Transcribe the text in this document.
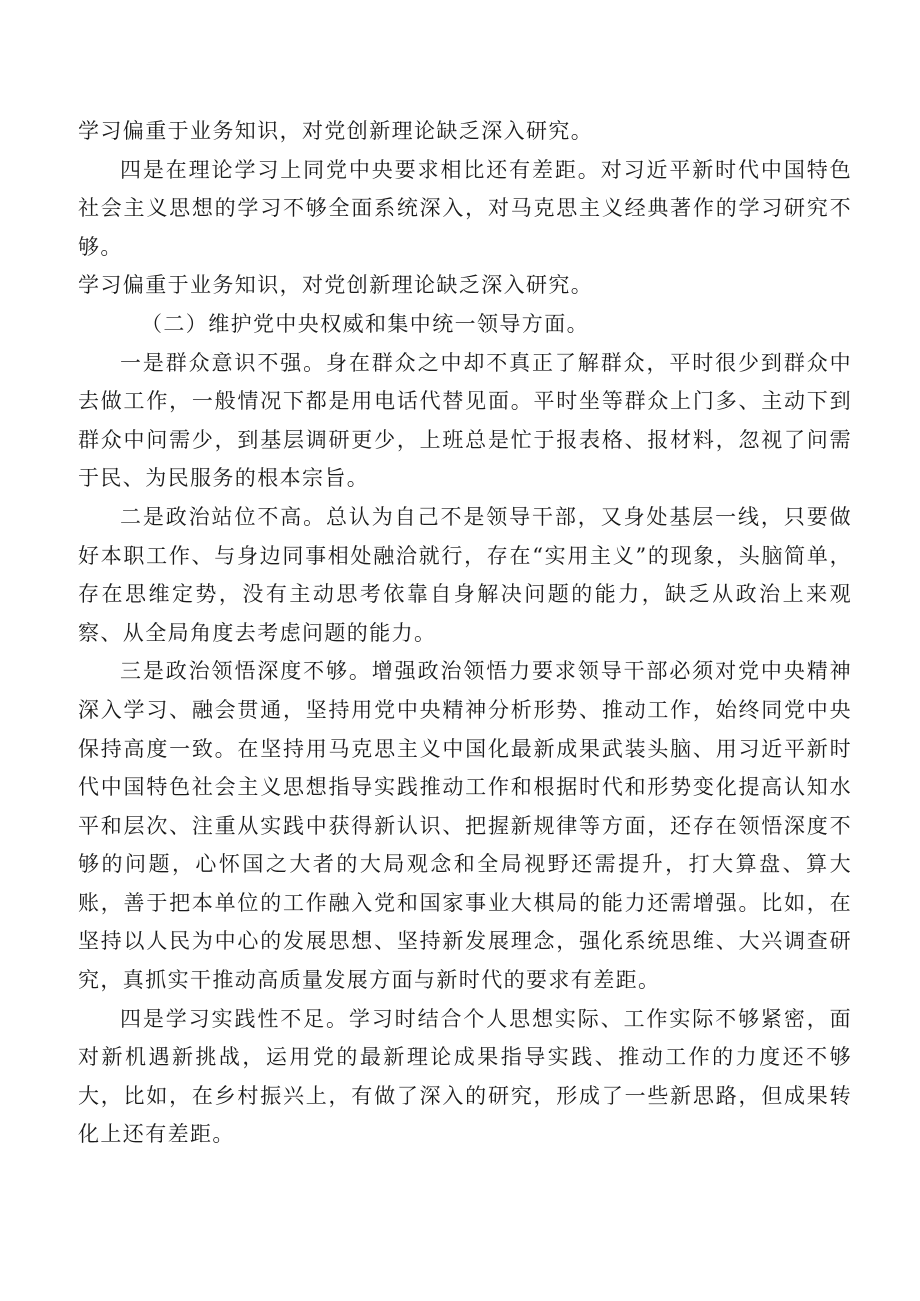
学习偏重于业务知识，对党创新理论缺乏深入研究。

四是在理论学习上同党中央要求相比还有差距。对习近平新时代中国特色社会主义思想的学习不够全面系统深入，对马克思主义经典著作的学习研究不够。

学习偏重于业务知识，对党创新理论缺乏深入研究。

（二）维护党中央权威和集中统一领导方面。

一是群众意识不强。身在群众之中却不真正了解群众，平时很少到群众中去做工作，一般情况下都是用电话代替见面。平时坐等群众上门多、主动下到群众中问需少，到基层调研更少，上班总是忙于报表格、报材料，忽视了问需于民、为民服务的根本宗旨。

二是政治站位不高。总认为自己不是领导干部，又身处基层一线，只要做好本职工作、与身边同事相处融洽就行，存在“实用主义”的现象，头脑简单，存在思维定势，没有主动思考依靠自身解决问题的能力，缺乏从政治上来观察、从全局角度去考虑问题的能力。

三是政治领悟深度不够。增强政治领悟力要求领导干部必须对党中央精神深入学习、融会贯通，坚持用党中央精神分析形势、推动工作，始终同党中央保持高度一致。在坚持用马克思主义中国化最新成果武装头脑、用习近平新时代中国特色社会主义思想指导实践推动工作和根据时代和形势变化提高认知水平和层次、注重从实践中获得新认识、把握新规律等方面，还存在领悟深度不够的问题，心怀国之大者的大局观念和全局视野还需提升，打大算盘、算大账，善于把本单位的工作融入党和国家事业大棋局的能力还需增强。比如，在坚持以人民为中心的发展思想、坚持新发展理念，强化系统思维、大兴调查研究，真抓实干推动高质量发展方面与新时代的要求有差距。

四是学习实践性不足。学习时结合个人思想实际、工作实际不够紧密，面对新机遇新挑战，运用党的最新理论成果指导实践、推动工作的力度还不够大，比如，在乡村振兴上，有做了深入的研究，形成了一些新思路，但成果转化上还有差距。
